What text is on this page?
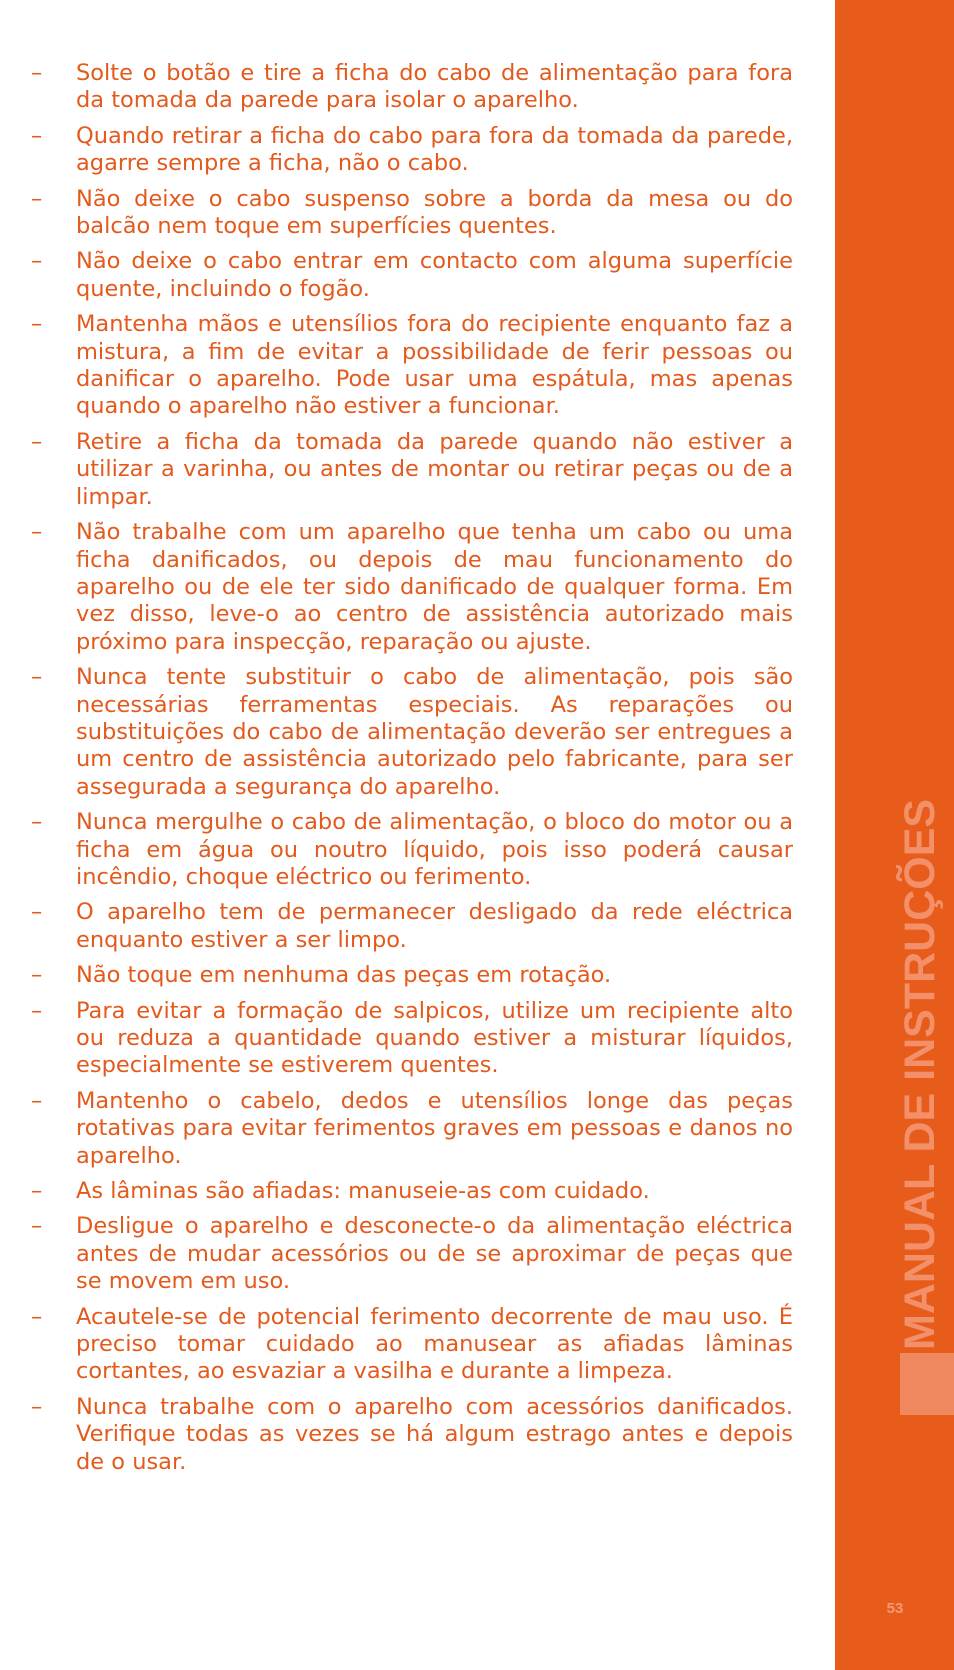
–	Solte o botão e tire a ficha do cabo de alimentação para fora da tomada da parede para isolar o aparelho.
–	Quando retirar a ficha do cabo para fora da tomada da parede, agarre sempre a ficha, não o cabo.
–	Não deixe o cabo suspenso sobre a borda da mesa ou do balcão nem toque em superfícies quentes.
–	Não deixe o cabo entrar em contacto com alguma superfície quente, incluindo o fogão.
–	Mantenha mãos e utensílios fora do recipiente enquanto faz a mistura, a fim de evitar a possibilidade de ferir pessoas ou danificar o aparelho. Pode usar uma espátula, mas apenas quando o aparelho não estiver a funcionar.
–	Retire a ficha da tomada da parede quando não estiver a utilizar a varinha, ou antes de montar ou retirar peças ou de a limpar.
–	Não trabalhe com um aparelho que tenha um cabo ou uma ficha danificados, ou depois de mau funcionamento do aparelho ou de ele ter sido danificado de qualquer forma. Em vez disso, leve-o ao centro de assistência autorizado mais próximo para inspecção, reparação ou ajuste.
–	Nunca tente substituir o cabo de alimentação, pois são necessárias ferramentas especiais. As reparações ou substituições do cabo de alimentação deverão ser entregues a um centro de assistência autorizado pelo fabricante, para ser assegurada a segurança do aparelho.
–	Nunca mergulhe o cabo de alimentação, o bloco do motor ou a ficha em água ou noutro líquido, pois isso poderá causar incêndio, choque eléctrico ou ferimento.
–	O aparelho tem de permanecer desligado da rede eléctrica enquanto estiver a ser limpo.
–	Não toque em nenhuma das peças em rotação.
–	Para evitar a formação de salpicos, utilize um recipiente alto ou reduza a quantidade quando estiver a misturar líquidos, especialmente se estiverem quentes.
–	Mantenho o cabelo, dedos e utensílios longe das peças rotativas para evitar ferimentos graves em pessoas e danos no aparelho.
–	As lâminas são afiadas: manuseie-as com cuidado.
–	Desligue o aparelho e desconecte-o da alimentação eléctrica antes de mudar acessórios ou de se aproximar de peças que se movem em uso.
–	Acautele-se de potencial ferimento decorrente de mau uso. É preciso tomar cuidado ao manusear as afiadas lâminas cortantes, ao esvaziar a vasilha e durante a limpeza.
–	Nunca trabalhe com o aparelho com acessórios danificados. Verifique todas as vezes se há algum estrago antes e depois de o usar.
MANUAL DE INSTRUÇÕES
53
